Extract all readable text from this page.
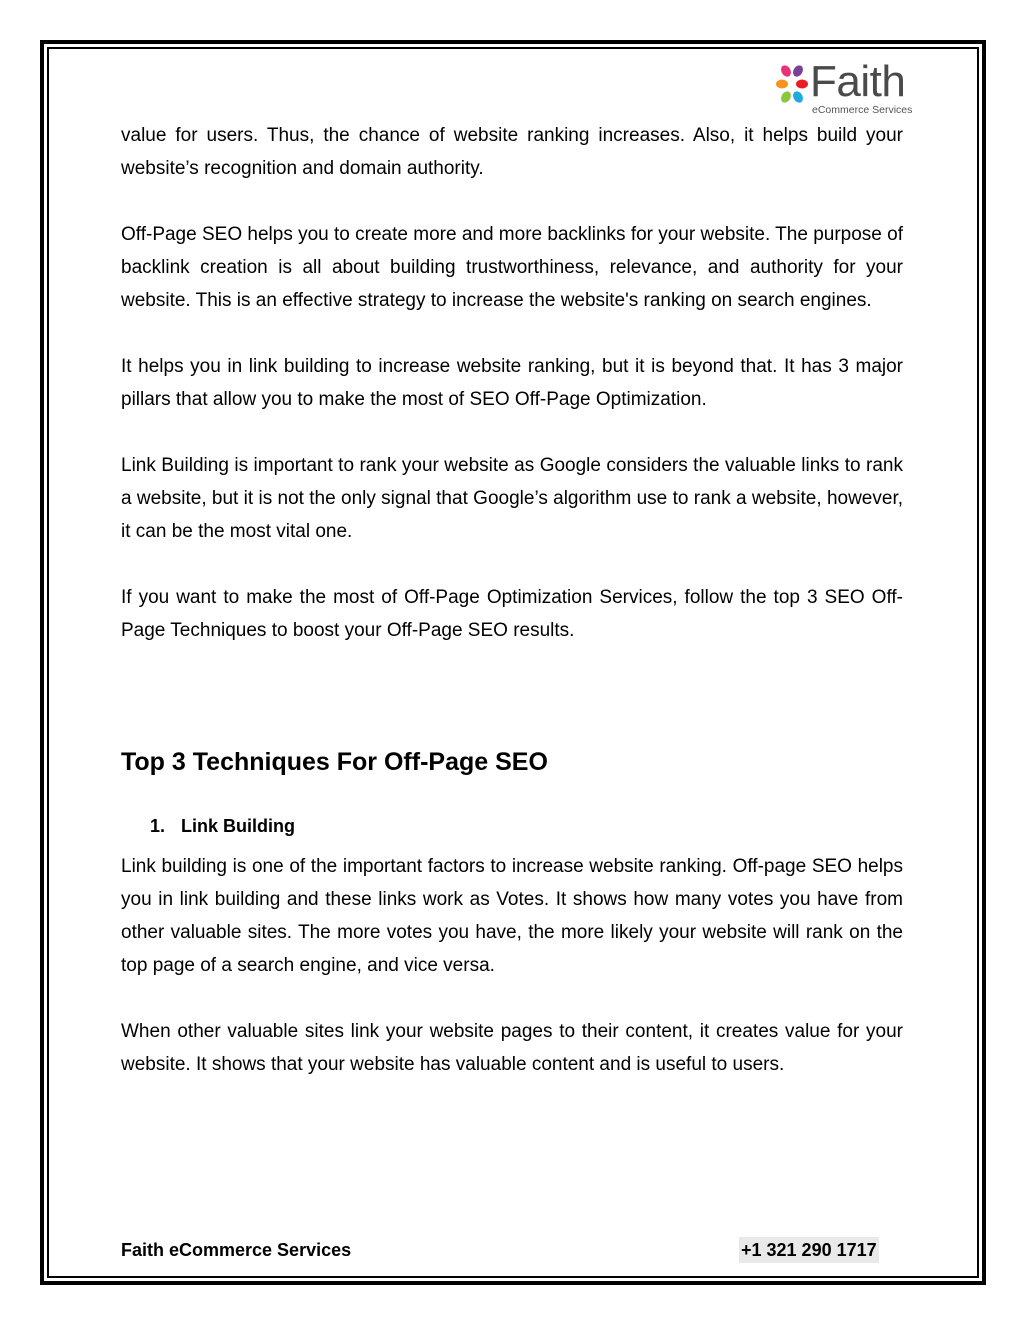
Faith
eCommerce Services

value for users. Thus, the chance of website ranking increases. Also, it helps build your website’s recognition and domain authority.

Off-Page SEO helps you to create more and more backlinks for your website. The purpose of backlink creation is all about building trustworthiness, relevance, and authority for your website. This is an effective strategy to increase the website's ranking on search engines.

It helps you in link building to increase website ranking, but it is beyond that. It has 3 major pillars that allow you to make the most of SEO Off-Page Optimization.

Link Building is important to rank your website as Google considers the valuable links to rank a website, but it is not the only signal that Google’s algorithm use to rank a website, however, it can be the most vital one.

If you want to make the most of Off-Page Optimization Services, follow the top 3 SEO Off-Page Techniques to boost your Off-Page SEO results.

Top 3 Techniques For Off-Page SEO
1. Link Building

Link building is one of the important factors to increase website ranking. Off-page SEO helps you in link building and these links work as Votes. It shows how many votes you have from other valuable sites. The more votes you have, the more likely your website will rank on the top page of a search engine, and vice versa.

When other valuable sites link your website pages to their content, it creates value for your website. It shows that your website has valuable content and is useful to users.

Faith eCommerce Services	+1 321 290 1717
